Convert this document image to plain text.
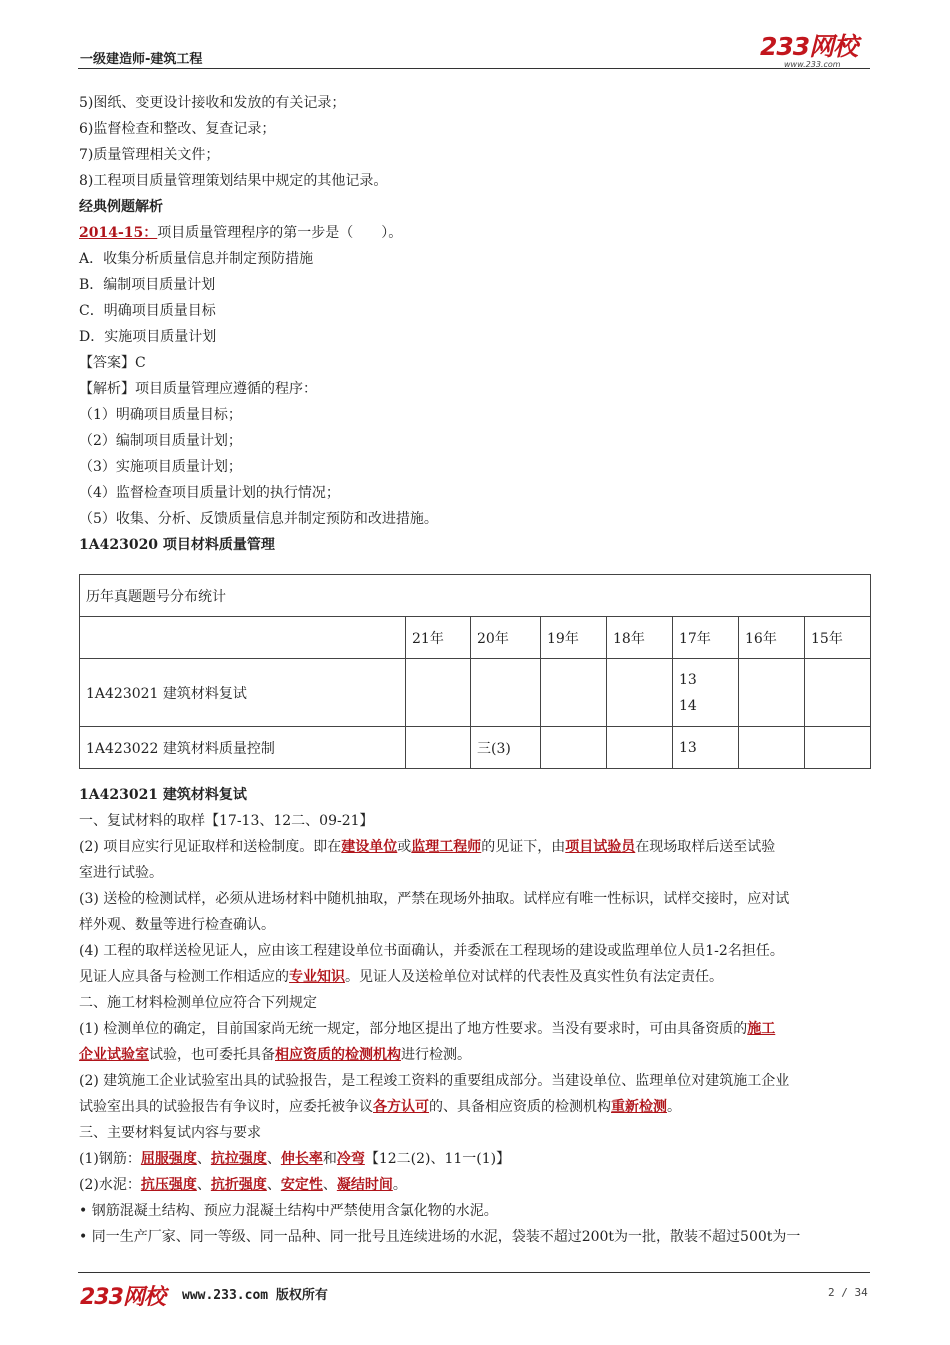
一级建造师-建筑工程	233网校
www.233.com
5)图纸、变更设计接收和发放的有关记录；
6)监督检查和整改、复查记录；
7)质量管理相关文件；
8)工程项目质量管理策划结果中规定的其他记录。
经典例题解析
2014-15：项目质量管理程序的第一步是（　　）。
A．收集分析质量信息并制定预防措施
B．编制项目质量计划
C．明确项目质量目标
D．实施项目质量计划
【答案】C
【解析】项目质量管理应遵循的程序：
（1）明确项目质量目标；
（2）编制项目质量计划；
（3）实施项目质量计划；
（4）监督检查项目质量计划的执行情况；
（5）收集、分析、反馈质量信息并制定预防和改进措施。
1A423020 项目材料质量管理
历年真题题号分布统计							
	21年	20年	19年	18年	17年	16年	15年
1A423021 建筑材料复试					13
14		

1A423022 建筑材料质量控制		三(3)			13		
1A423021 建筑材料复试
一、复试材料的取样【17-13、12二、09-21】
(2) 项目应实行见证取样和送检制度。即在建设单位或监理工程师的见证下，由项目试验员在现场取样后送至试验
室进行试验。
(3) 送检的检测试样，必须从进场材料中随机抽取，严禁在现场外抽取。试样应有唯一性标识，试样交接时，应对试
样外观、数量等进行检查确认。
(4) 工程的取样送检见证人，应由该工程建设单位书面确认，并委派在工程现场的建设或监理单位人员1-2名担任。
见证人应具备与检测工作相适应的专业知识。见证人及送检单位对试样的代表性及真实性负有法定责任。
二、施工材料检测单位应符合下列规定
(1) 检测单位的确定，目前国家尚无统一规定，部分地区提出了地方性要求。当没有要求时，可由具备资质的施工
企业试验室试验，也可委托具备相应资质的检测机构进行检测。
(2) 建筑施工企业试验室出具的试验报告，是工程竣工资料的重要组成部分。当建设单位、监理单位对建筑施工企业
试验室出具的试验报告有争议时，应委托被争议各方认可的、具备相应资质的检测机构重新检测。
三、主要材料复试内容与要求
(1)钢筋：屈服强度、抗拉强度、伸长率和冷弯【12二(2)、11一(1)】
(2)水泥：抗压强度、抗折强度、安定性、凝结时间。
• 钢筋混凝土结构、预应力混凝土结构中严禁使用含氯化物的水泥。
• 同一生产厂家、同一等级、同一品种、同一批号且连续进场的水泥，袋装不超过200t为一批，散装不超过500t为一
233网校 www.233.com 版权所有	2 / 34
